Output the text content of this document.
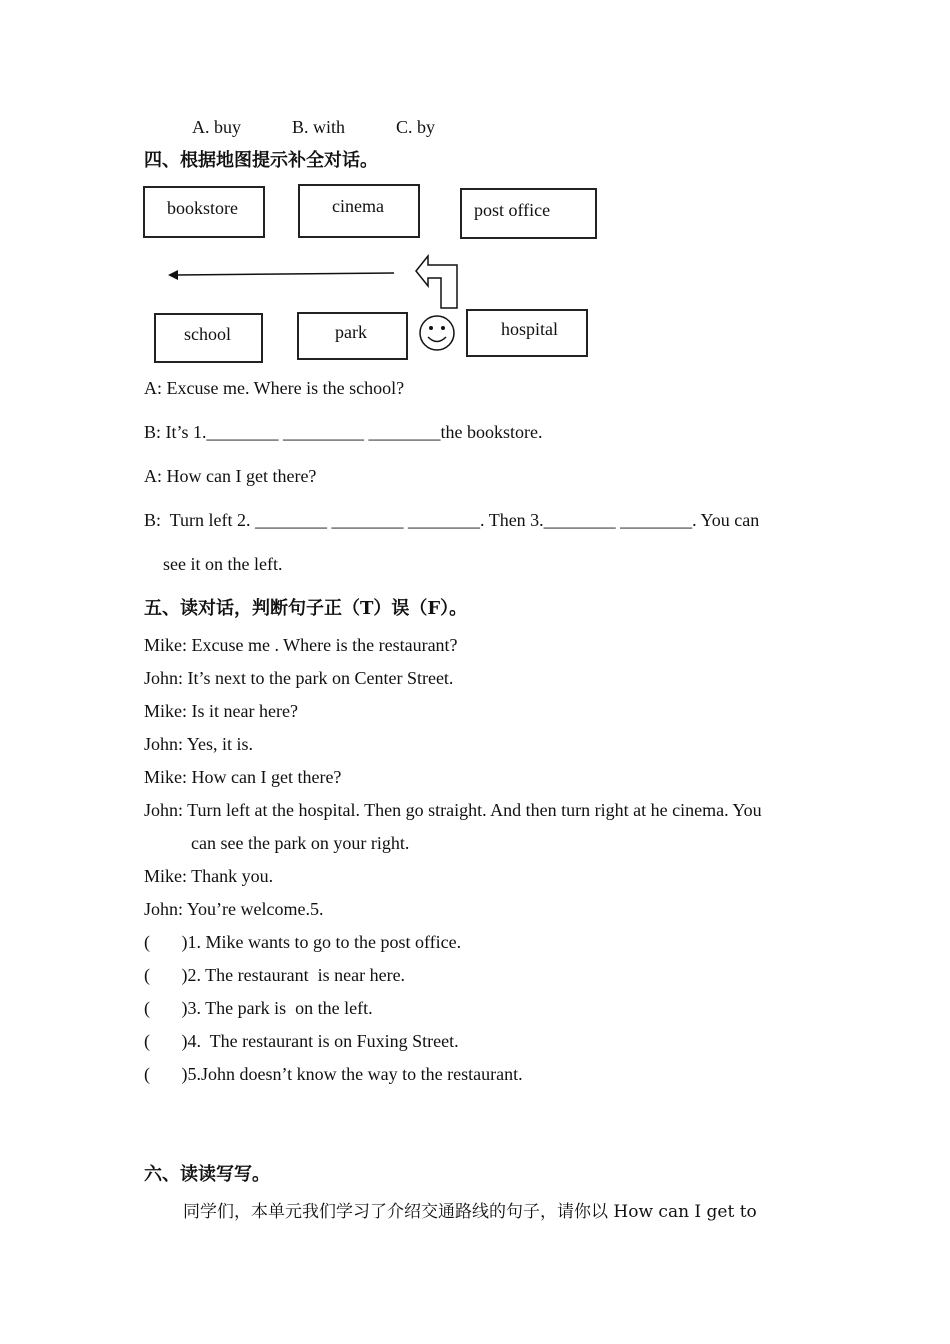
A. buy	B. with	C. by
四、根据地图提示补全对话。
bookstore	cinema	post office
school	park	hospital
A: Excuse me. Where is the school?
B: It’s 1.________ _________ ________the bookstore.
A: How can I get there?
B:  Turn left 2. ________ ________ ________. Then 3.________ ________. You can
see it on the left.
五、读对话，判断句子正（T）误（F）。
Mike: Excuse me . Where is the restaurant?
John: It’s next to the park on Center Street.
Mike: Is it near here?
John: Yes, it is.
Mike: How can I get there?
John: Turn left at the hospital. Then go straight. And then turn right at he cinema. You
can see the park on your right.
Mike: Thank you.
John: You’re welcome.5.
(       )1. Mike wants to go to the post office.
(       )2. The restaurant  is near here.
(       )3. The park is  on the left.
(       )4.  The restaurant is on Fuxing Street.
(       )5.John doesn’t know the way to the restaurant.
六、读读写写。
同学们，本单元我们学习了介绍交通路线的句子，请你以 How can I get to
